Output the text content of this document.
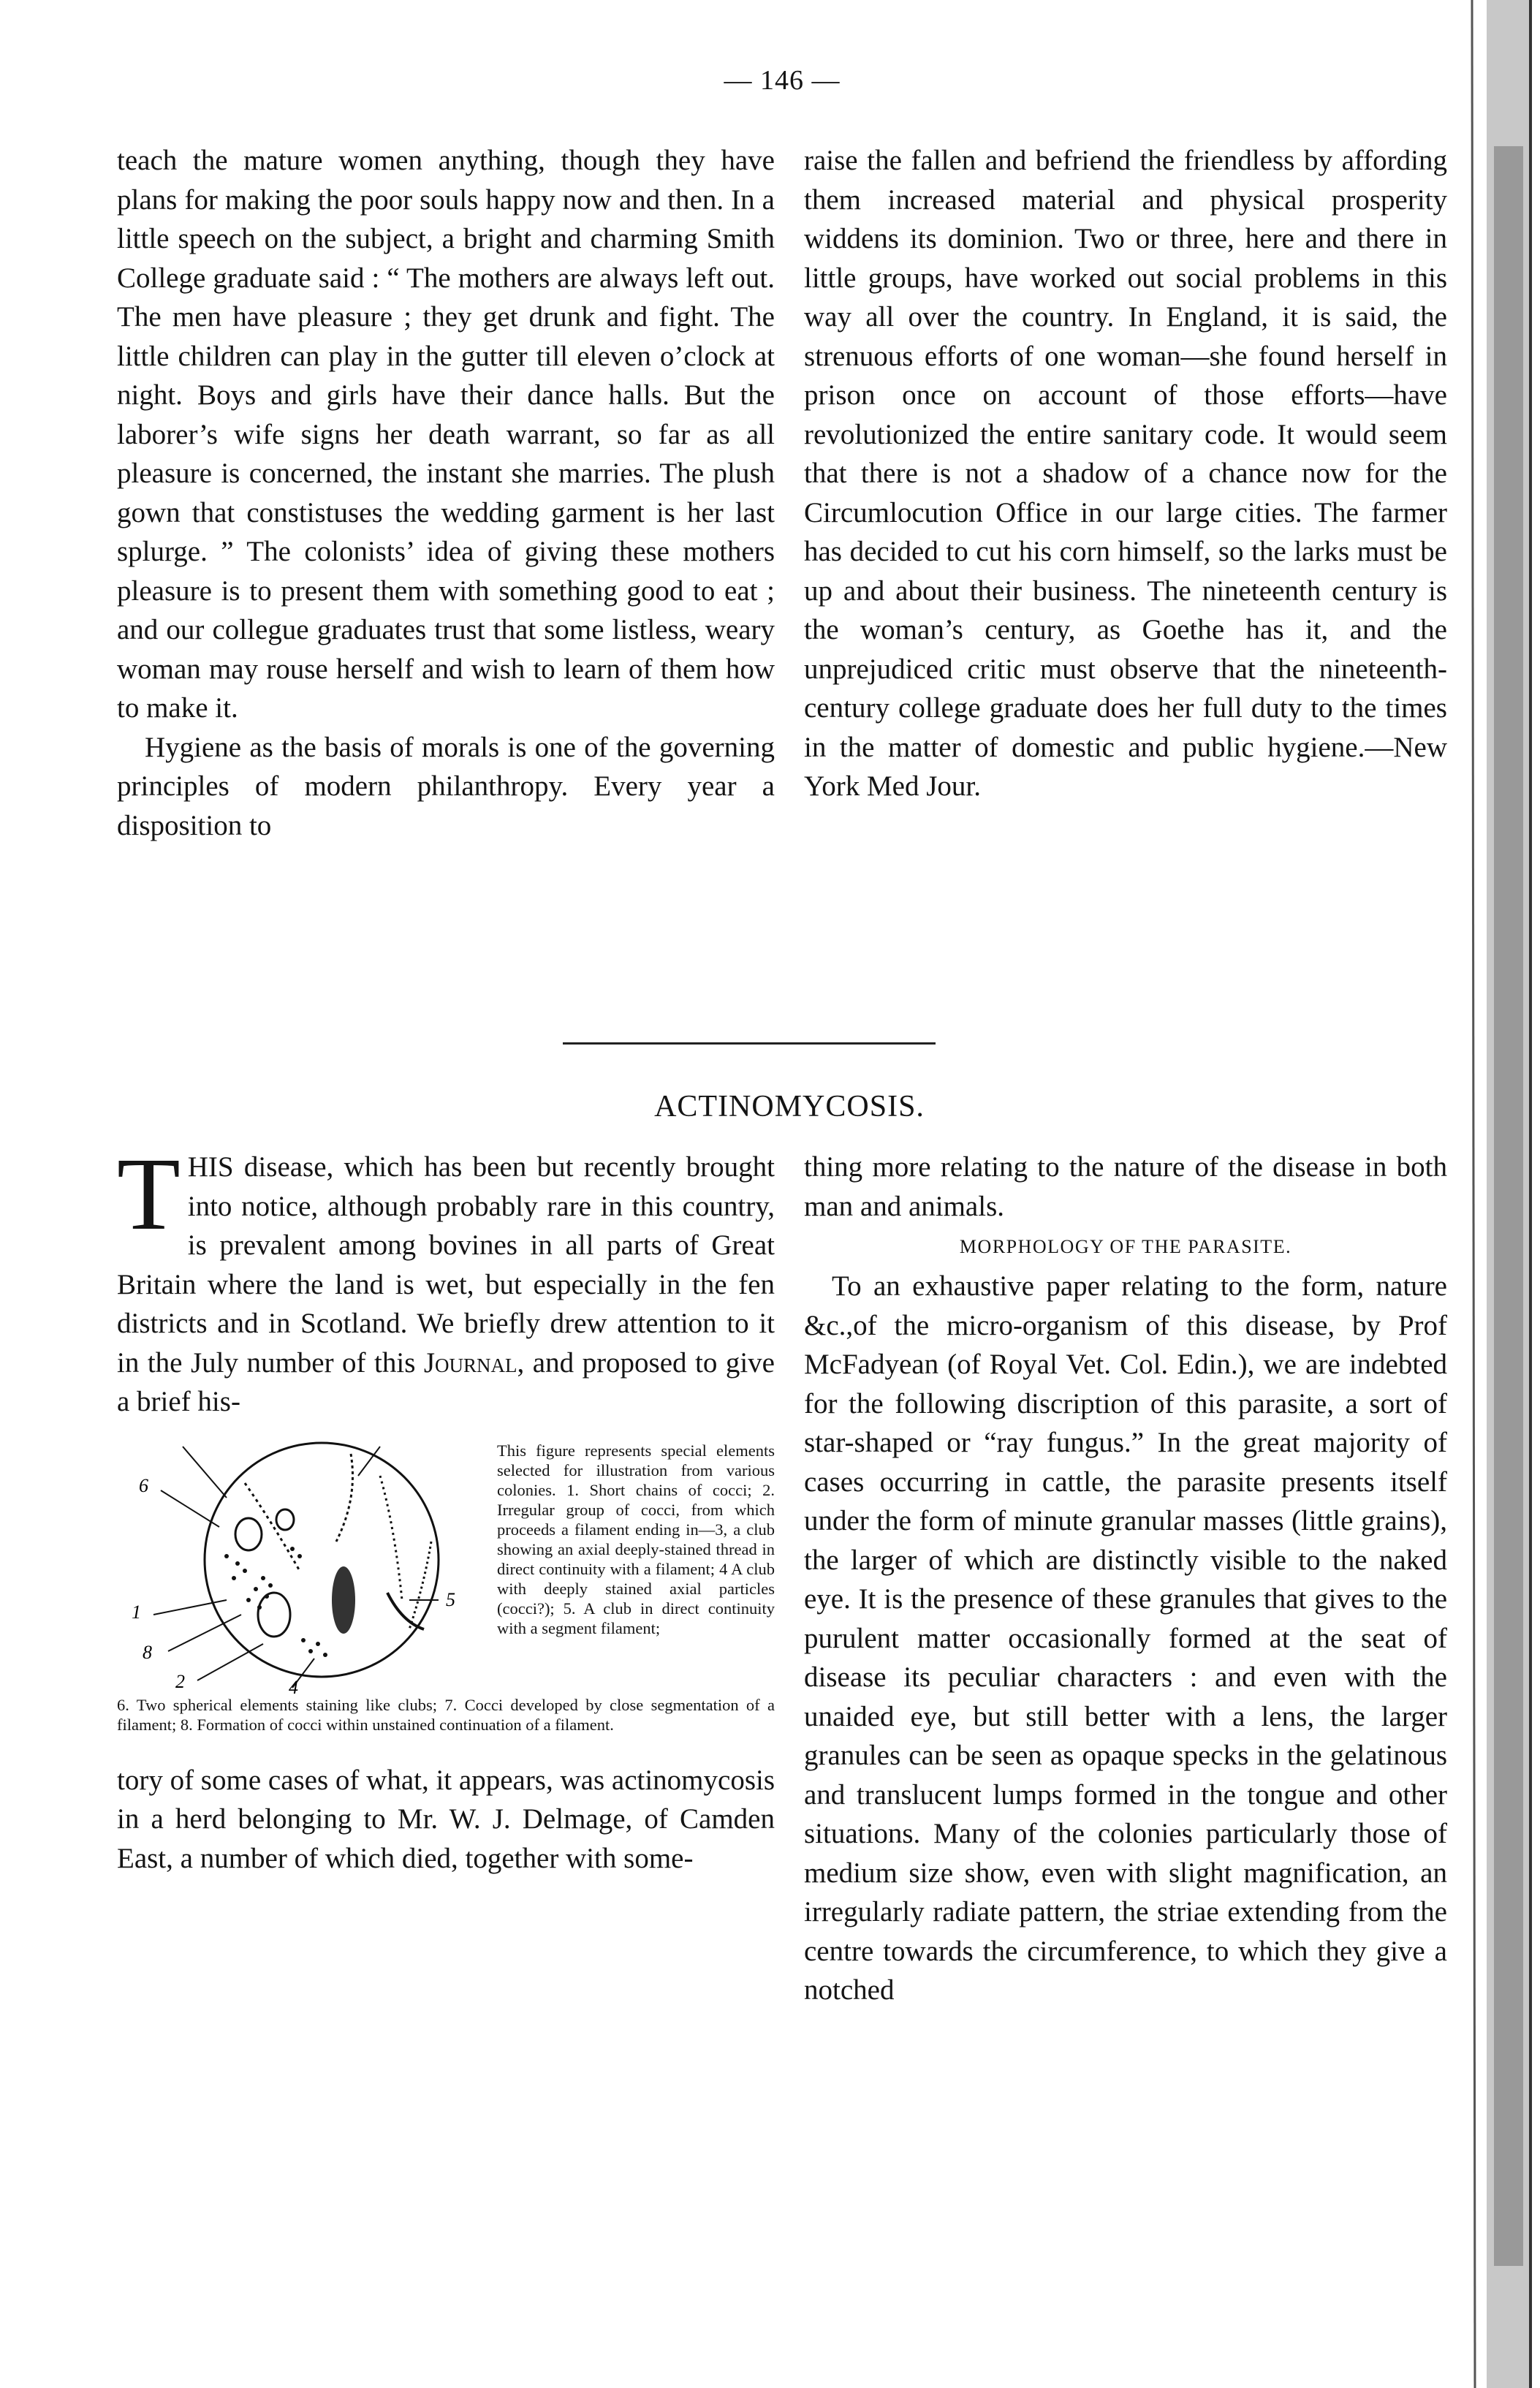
— 146 —

teach the mature women anything, though they have plans for making the poor souls happy now and then. In a little speech on the subject, a bright and charming Smith College graduate said : “ The mothers are always left out. The men have pleasure ; they get drunk and fight. The little children can play in the gutter till eleven o’clock at night. Boys and girls have their dance halls. But the laborer’s wife signs her death warrant, so far as all pleasure is concerned, the instant she marries. The plush gown that constistuses the wedding garment is her last splurge. ” The colonists’ idea of giving these mothers pleasure is to present them with something good to eat ; and our collegue graduates trust that some listless, weary woman may rouse herself and wish to learn of them how to make it.

Hygiene as the basis of morals is one of the governing principles of modern philanthropy. Every year a disposition to

raise the fallen and befriend the friendless by affording them increased material and physical prosperity widdens its dominion. Two or three, here and there in little groups, have worked out social problems in this way all over the country. In England, it is said, the strenuous efforts of one woman—she found herself in prison once on account of those efforts—have revolutionized the entire sanitary code. It would seem that there is not a shadow of a chance now for the Circumlocution Office in our large cities. The farmer has decided to cut his corn himself, so the larks must be up and about their business. The nineteenth century is the woman’s century, as Goethe has it, and the unprejudiced critic must observe that the nineteenth-century college graduate does her full duty to the times in the matter of domestic and public hygiene.—New York Med Jour.

ACTINOMYCOSIS.

THIS disease, which has been but recently brought into notice, although probably rare in this country, is prevalent among bovines in all parts of Great Britain where the land is wet, but especially in the fen districts and in Scotland. We briefly drew attention to it in the July number of this Journal, and proposed to give a brief his-

6
1
8
2
5
4

This figure represents special elements selected for illustration from various colonies. 1. Short chains of cocci; 2. Irregular group of cocci, from which proceeds a filament ending in—3, a club showing an axial deeply-stained thread in direct continuity with a filament; 4 A club with deeply stained axial particles (cocci?); 5. A club in direct continuity with a segment filament;

6. Two spherical elements staining like clubs; 7. Cocci developed by close segmentation of a filament; 8. Formation of cocci within unstained continuation of a filament.

tory of some cases of what, it appears, was actinomycosis in a herd belonging to Mr. W. J. Delmage, of Camden East, a number of which died, together with some-

thing more relating to the nature of the disease in both man and animals.

MORPHOLOGY OF THE PARASITE.

To an exhaustive paper relating to the form, nature &c.,of the micro-organism of this disease, by Prof McFadyean (of Royal Vet. Col. Edin.), we are indebted for the following discription of this parasite, a sort of star-shaped or “ray fungus.” In the great majority of cases occurring in cattle, the parasite presents itself under the form of minute granular masses (little grains), the larger of which are distinctly visible to the naked eye. It is the presence of these granules that gives to the purulent matter occasionally formed at the seat of disease its peculiar characters : and even with the unaided eye, but still better with a lens, the larger granules can be seen as opaque specks in the gelatinous and translucent lumps formed in the tongue and other situations. Many of the colonies particularly those of medium size show, even with slight magnification, an irregularly radiate pattern, the striae extending from the centre towards the circumference, to which they give a notched
